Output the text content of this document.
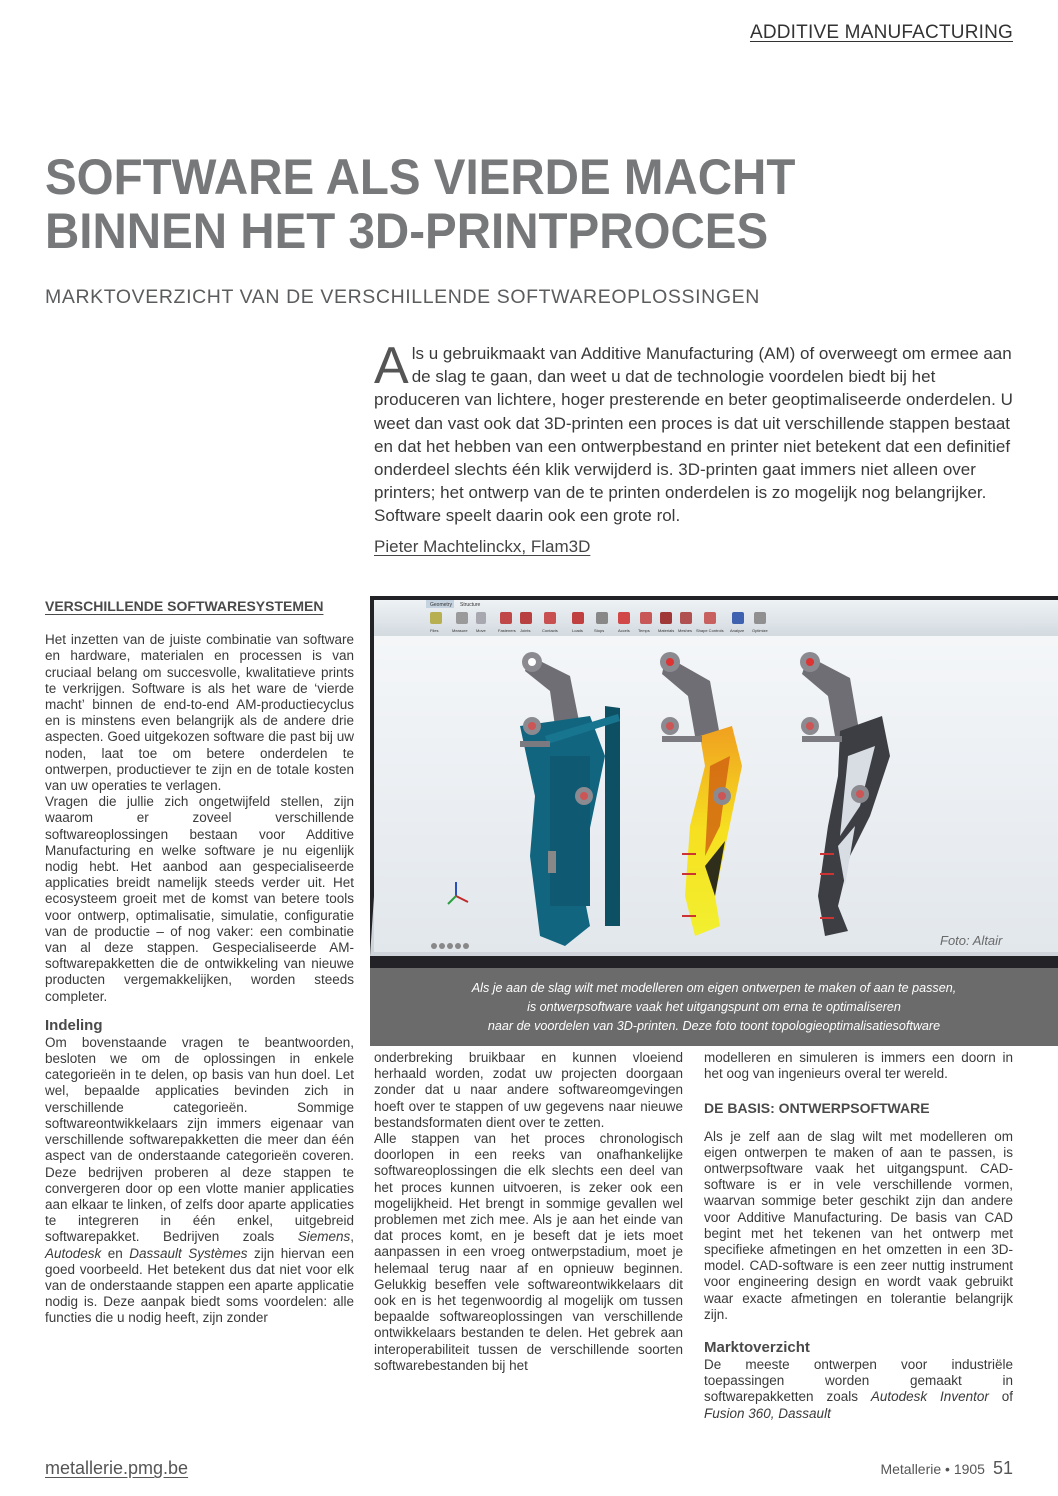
ADDITIVE MANUFACTURING
SOFTWARE ALS VIERDE MACHT
BINNEN HET 3D-PRINTPROCES
MARKTOVERZICHT VAN DE VERSCHILLENDE SOFTWAREOPLOSSINGEN

Als u gebruikmaakt van Additive Manufacturing (AM) of overweegt om ermee aan de slag te gaan, dan weet u dat de technologie voordelen biedt bij het produceren van lichtere, hoger presterende en beter geoptimaliseerde onderdelen. U weet dan vast ook dat 3D-printen een proces is dat uit verschillende stappen bestaat en dat het hebben van een ontwerpbestand en printer niet betekent dat een definitief onderdeel slechts één klik verwijderd is. 3D-printen gaat immers niet alleen over printers; het ontwerp van de te printen onderdelen is zo mogelijk nog belangrijker. Software speelt daarin ook een grote rol.

Pieter Machtelinckx, Flam3D
VERSCHILLENDE SOFTWARESYSTEMEN

Het inzetten van de juiste combinatie van software en hardware, materialen en processen is van cruciaal belang om succesvolle, kwalitatieve prints te verkrijgen. Software is als het ware de ‘vierde macht’ binnen de end-to-end AM-productiecyclus en is minstens even belangrijk als de andere drie aspecten. Goed uitgekozen software die past bij uw noden, laat toe om betere onderdelen te ontwerpen, productiever te zijn en de totale kosten van uw operaties te verlagen.

Vragen die jullie zich ongetwijfeld stellen, zijn waarom er zoveel verschillende softwareoplossingen bestaan voor Additive Manufacturing en welke software je nu eigenlijk nodig hebt. Het aanbod aan gespecialiseerde applicaties breidt namelijk steeds verder uit. Het ecosysteem groeit met de komst van betere tools voor ontwerp, optimalisatie, simulatie, configuratie van de productie – of nog vaker: een combinatie van al deze stappen. Gespecialiseerde AM-softwarepakketten die de ontwikkeling van nieuwe producten vergemakkelijken, worden steeds completer.

Indeling

Om bovenstaande vragen te beantwoorden, besloten we om de oplossingen in enkele categorieën in te delen, op basis van hun doel. Let wel, bepaalde applicaties bevinden zich in verschillende categorieën. Sommige softwareontwikkelaars zijn immers eigenaar van verschillende softwarepakketten die meer dan één aspect van de onderstaande categorieën coveren. Deze bedrijven proberen al deze stappen te convergeren door op een vlotte manier applicaties aan elkaar te linken, of zelfs door aparte applicaties te integreren in één enkel, uitgebreid softwarepakket. Bedrijven zoals Siemens, Autodesk en Dassault Systèmes zijn hiervan een goed voorbeeld. Het betekent dus dat niet voor elk van de onderstaande stappen een aparte applicatie nodig is. Deze aanpak biedt soms voordelen: alle functies die u nodig heeft, zijn zonder

Geometry Structure
Files	Measure Move	Fasteners Joints	Contacts	Loads	Stops	Accels Temps Materials Meshes Shape Controls Analyze Optimize
Foto: Altair
Als je aan de slag wilt met modelleren om eigen ontwerpen te maken of aan te passen,
is ontwerpsoftware vaak het uitgangspunt om erna te optimaliseren
naar de voordelen van 3D-printen. Deze foto toont topologieoptimalisatiesoftware

onderbreking bruikbaar en kunnen vloeiend herhaald worden, zodat uw projecten doorgaan zonder dat u naar andere softwareomgevingen hoeft over te stappen of uw gegevens naar nieuwe bestandsformaten dient over te zetten.

Alle stappen van het proces chronologisch doorlopen in een reeks van onafhankelijke softwareoplossingen die elk slechts een deel van het proces kunnen uitvoeren, is zeker ook een mogelijkheid. Het brengt in sommige gevallen wel problemen met zich mee. Als je aan het einde van dat proces komt, en je beseft dat je iets moet aanpassen in een vroeg ontwerpstadium, moet je helemaal terug naar af en opnieuw beginnen. Gelukkig beseffen vele softwareontwikkelaars dit ook en is het tegenwoordig al mogelijk om tussen bepaalde softwareoplossingen van verschillende ontwikkelaars bestanden te delen. Het gebrek aan interoperabiliteit tussen de verschillende soorten softwarebestanden bij het

modelleren en simuleren is immers een doorn in het oog van ingenieurs overal ter wereld.

DE BASIS: ONTWERPSOFTWARE

Als je zelf aan de slag wilt met modelleren om eigen ontwerpen te maken of aan te passen, is ontwerpsoftware vaak het uitgangspunt. CAD-software is er in vele verschillende vormen, waarvan sommige beter geschikt zijn dan andere voor Additive Manufacturing. De basis van CAD begint met het tekenen van het ontwerp met specifieke afmetingen en het omzetten in een 3D-model. CAD-software is een zeer nuttig instrument voor engineering design en wordt vaak gebruikt waar exacte afmetingen en tolerantie belangrijk zijn.

Marktoverzicht

De meeste ontwerpen voor industriële toepassingen worden gemaakt in softwarepakketten zoals Autodesk Inventor of Fusion 360, Dassault

metallerie.pmg.be	Metallerie • 1905 51
